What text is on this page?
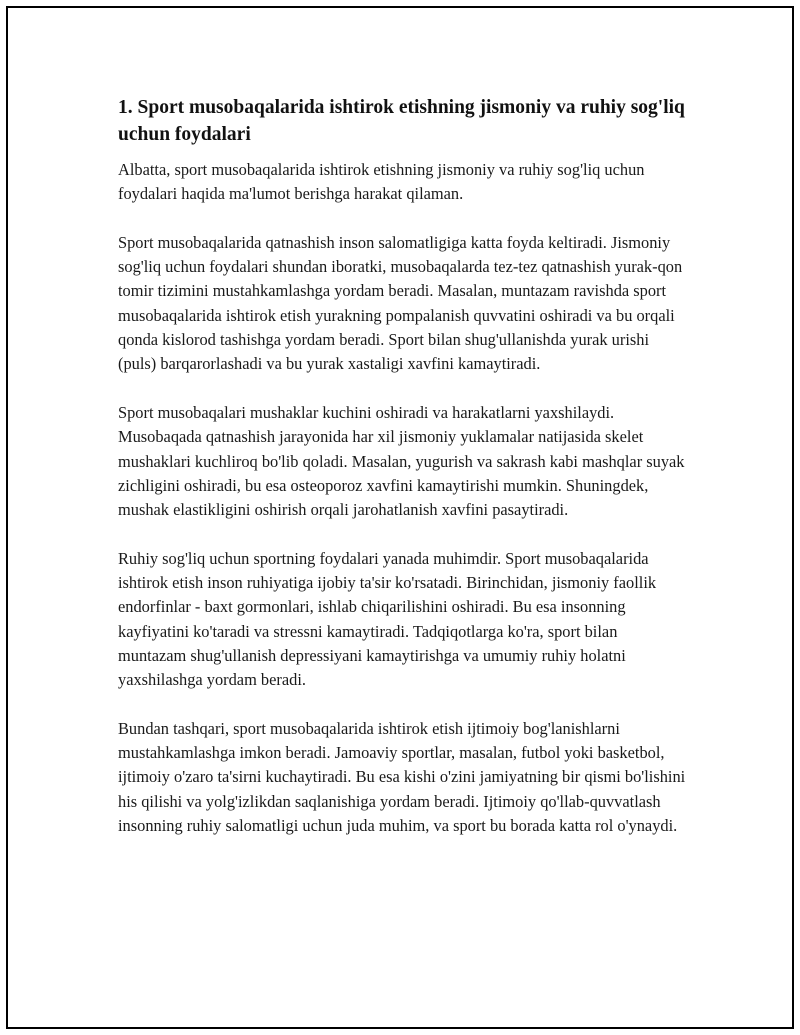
1. Sport musobaqalarida ishtirok etishning jismoniy va ruhiy sog'liq uchun foydalari

Albatta, sport musobaqalarida ishtirok etishning jismoniy va ruhiy sog'liq uchun foydalari haqida ma'lumot berishga harakat qilaman.

Sport musobaqalarida qatnashish inson salomatligiga katta foyda keltiradi. Jismoniy sog'liq uchun foydalari shundan iboratki, musobaqalarda tez-tez qatnashish yurak-qon tomir tizimini mustahkamlashga yordam beradi. Masalan, muntazam ravishda sport musobaqalarida ishtirok etish yurakning pompalanish quvvatini oshiradi va bu orqali qonda kislorod tashishga yordam beradi. Sport bilan shug'ullanishda yurak urishi (puls) barqarorlashadi va bu yurak xastaligi xavfini kamaytiradi.

Sport musobaqalari mushaklar kuchini oshiradi va harakatlarni yaxshilaydi. Musobaqada qatnashish jarayonida har xil jismoniy yuklamalar natijasida skelet mushaklari kuchliroq bo'lib qoladi. Masalan, yugurish va sakrash kabi mashqlar suyak zichligini oshiradi, bu esa osteoporoz xavfini kamaytirishi mumkin. Shuningdek, mushak elastikligini oshirish orqali jarohatlanish xavfini pasaytiradi.

Ruhiy sog'liq uchun sportning foydalari yanada muhimdir. Sport musobaqalarida ishtirok etish inson ruhiyatiga ijobiy ta'sir ko'rsatadi. Birinchidan, jismoniy faollik endorfinlar - baxt gormonlari, ishlab chiqarilishini oshiradi. Bu esa insonning kayfiyatini ko'taradi va stressni kamaytiradi. Tadqiqotlarga ko'ra, sport bilan muntazam shug'ullanish depressiyani kamaytirishga va umumiy ruhiy holatni yaxshilashga yordam beradi.

Bundan tashqari, sport musobaqalarida ishtirok etish ijtimoiy bog'lanishlarni mustahkamlashga imkon beradi. Jamoaviy sportlar, masalan, futbol yoki basketbol, ijtimoiy o'zaro ta'sirni kuchaytiradi. Bu esa kishi o'zini jamiyatning bir qismi bo'lishini his qilishi va yolg'izlikdan saqlanishiga yordam beradi. Ijtimoiy qo'llab-quvvatlash insonning ruhiy salomatligi uchun juda muhim, va sport bu borada katta rol o'ynaydi.
